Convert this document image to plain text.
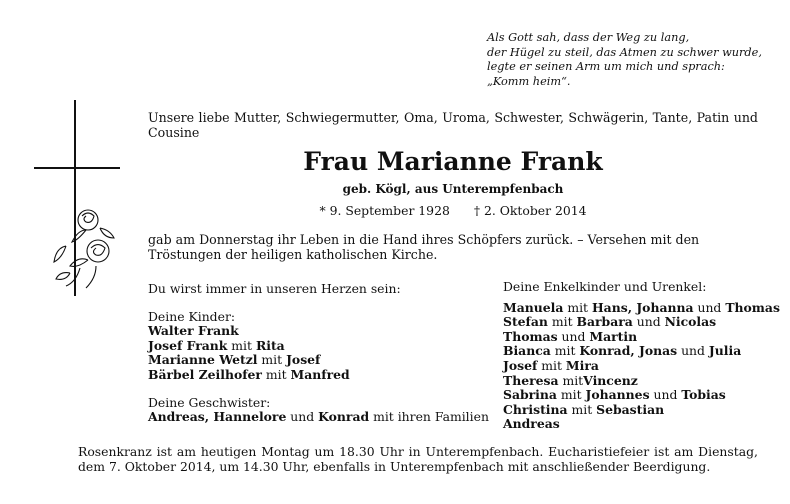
Als Gott sah, dass der Weg zu lang,
der Hügel zu steil, das Atmen zu schwer wurde,
legte er seinen Arm um mich und sprach:
„Komm heim“.
Unsere liebe Mutter, Schwiegermutter, Oma, Uroma, Schwester, Schwägerin, Tante, Patin und Cousine
Frau Marianne Frank
geb. Kögl, aus Unterempfenbach
* 9. September 1928 † 2. Oktober 2014
gab am Donnerstag ihr Leben in die Hand ihres Schöpfers zurück. – Versehen mit den Tröstungen der heiligen katholischen Kirche.
Du wirst immer in unseren Herzen sein:
Deine Kinder:
Walter Frank
Josef Frank mit Rita
Marianne Wetzl mit Josef
Bärbel Zeilhofer mit Manfred
Deine Geschwister:
Andreas, Hannelore und Konrad mit ihren Familien
Deine Enkelkinder und Urenkel:
Manuela mit Hans, Johanna und Thomas
Stefan mit Barbara und Nicolas
Thomas und Martin
Bianca mit Konrad, Jonas und Julia
Josef mit Mira
Theresa mitVincenz
Sabrina mit Johannes und Tobias
Christina mit Sebastian
Andreas
Rosenkranz ist am heutigen Montag um 18.30 Uhr in Unterempfenbach. Eucharistiefeier ist am Dienstag, dem 7. Oktober 2014, um 14.30 Uhr, ebenfalls in Unterempfenbach mit anschließender Beerdigung.
